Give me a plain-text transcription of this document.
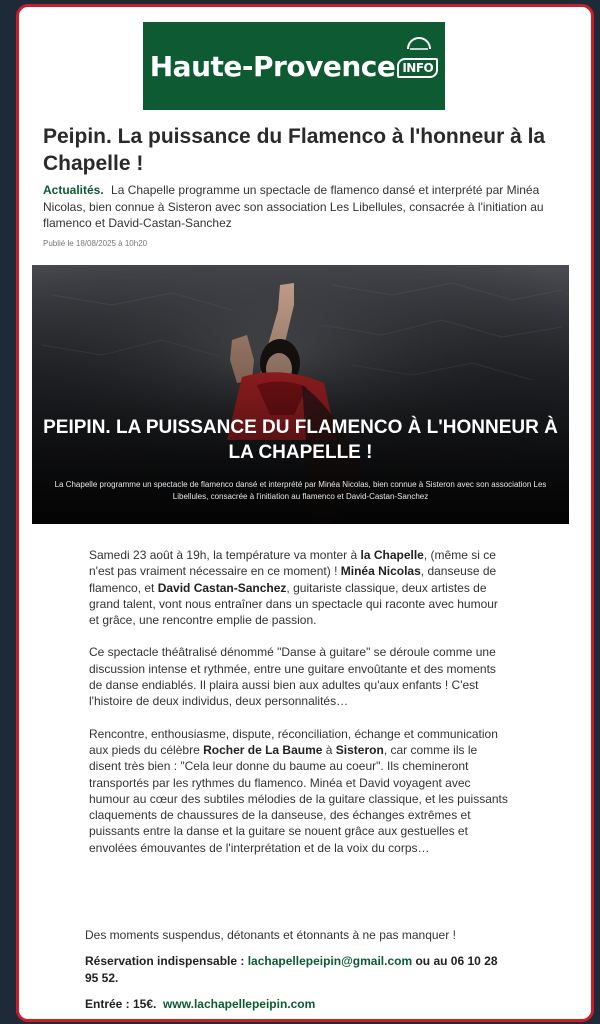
Haute-Provence INFO
Peipin. La puissance du Flamenco à l'honneur à la Chapelle !
Actualités. La Chapelle programme un spectacle de flamenco dansé et interprété par Minéa Nicolas, bien connue à Sisteron avec son association Les Libellules, consacrée à l'initiation au flamenco et David-Castan-Sanchez
Publié le 18/08/2025 à 10h20
PEIPIN. LA PUISSANCE DU FLAMENCO À L'HONNEUR À LA CHAPELLE !
La Chapelle programme un spectacle de flamenco dansé et interprété par Minéa Nicolas, bien connue à Sisteron avec son association Les Libellules, consacrée à l'initiation au flamenco et David-Castan-Sanchez

Samedi 23 août à 19h, la température va monter à la Chapelle, (même si ce n'est pas vraiment nécessaire en ce moment) ! Minéa Nicolas, danseuse de flamenco, et David Castan-Sanchez, guitariste classique, deux artistes de grand talent, vont nous entraîner dans un spectacle qui raconte avec humour et grâce, une rencontre emplie de passion.

Ce spectacle théâtralisé dénommé "Danse à guitare" se déroule comme une discussion intense et rythmée, entre une guitare envoûtante et des moments de danse endiablés. Il plaira aussi bien aux adultes qu'aux enfants ! C'est l'histoire de deux individus, deux personnalités…

Rencontre, enthousiasme, dispute, réconciliation, échange et communication aux pieds du célèbre Rocher de La Baume à Sisteron, car comme ils le disent très bien : "Cela leur donne du baume au coeur". Ils chemineront transportés par les rythmes du flamenco. Minéa et David voyagent avec humour au cœur des subtiles mélodies de la guitare classique, et les puissants claquements de chaussures de la danseuse, des échanges extrêmes et puissants entre la danse et la guitare se nouent grâce aux gestuelles et envolées émouvantes de l'interprétation et de la voix du corps…

Des moments suspendus, détonants et étonnants à ne pas manquer !

Réservation indispensable : lachapellepeipin@gmail.com ou au 06 10 28 95 52.

Entrée : 15€. www.lachapellepeipin.com
